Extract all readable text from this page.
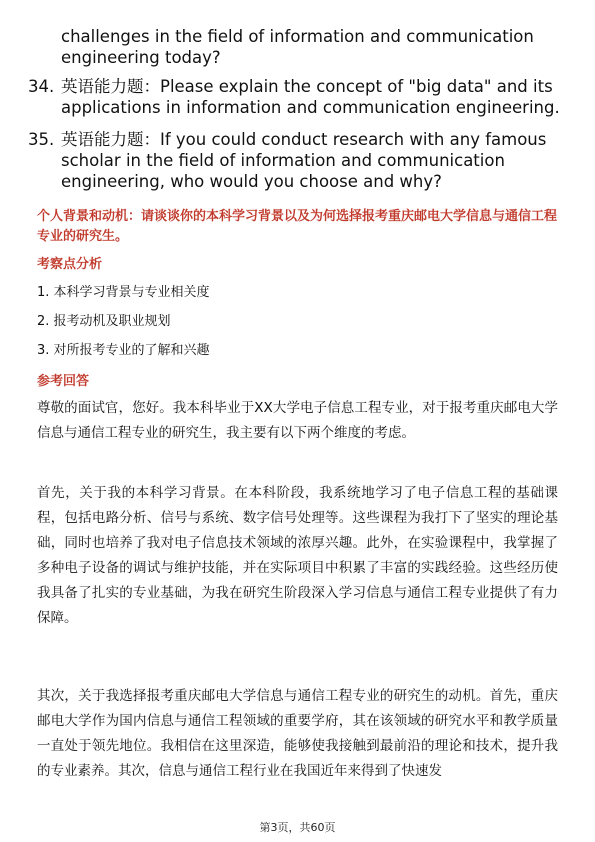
challenges in the field of information and communication engineering today?
34. 英语能力题：Please explain the concept of "big data" and its applications in information and communication engineering.
35. 英语能力题：If you could conduct research with any famous scholar in the field of information and communication engineering, who would you choose and why?
个人背景和动机：请谈谈你的本科学习背景以及为何选择报考重庆邮电大学信息与通信工程专业的研究生。
考察点分析
1. 本科学习背景与专业相关度
2. 报考动机及职业规划
3. 对所报考专业的了解和兴趣
参考回答
尊敬的面试官，您好。我本科毕业于XX大学电子信息工程专业，对于报考重庆邮电大学信息与通信工程专业的研究生，我主要有以下两个维度的考虑。
首先，关于我的本科学习背景。在本科阶段，我系统地学习了电子信息工程的基础课程，包括电路分析、信号与系统、数字信号处理等。这些课程为我打下了坚实的理论基础，同时也培养了我对电子信息技术领域的浓厚兴趣。此外，在实验课程中，我掌握了多种电子设备的调试与维护技能，并在实际项目中积累了丰富的实践经验。这些经历使我具备了扎实的专业基础，为我在研究生阶段深入学习信息与通信工程专业提供了有力保障。
其次，关于我选择报考重庆邮电大学信息与通信工程专业的研究生的动机。首先，重庆邮电大学作为国内信息与通信工程领域的重要学府，其在该领域的研究水平和教学质量一直处于领先地位。我相信在这里深造，能够使我接触到最前沿的理论和技术，提升我的专业素养。其次，信息与通信工程行业在我国近年来得到了快速发
第3页，共60页
